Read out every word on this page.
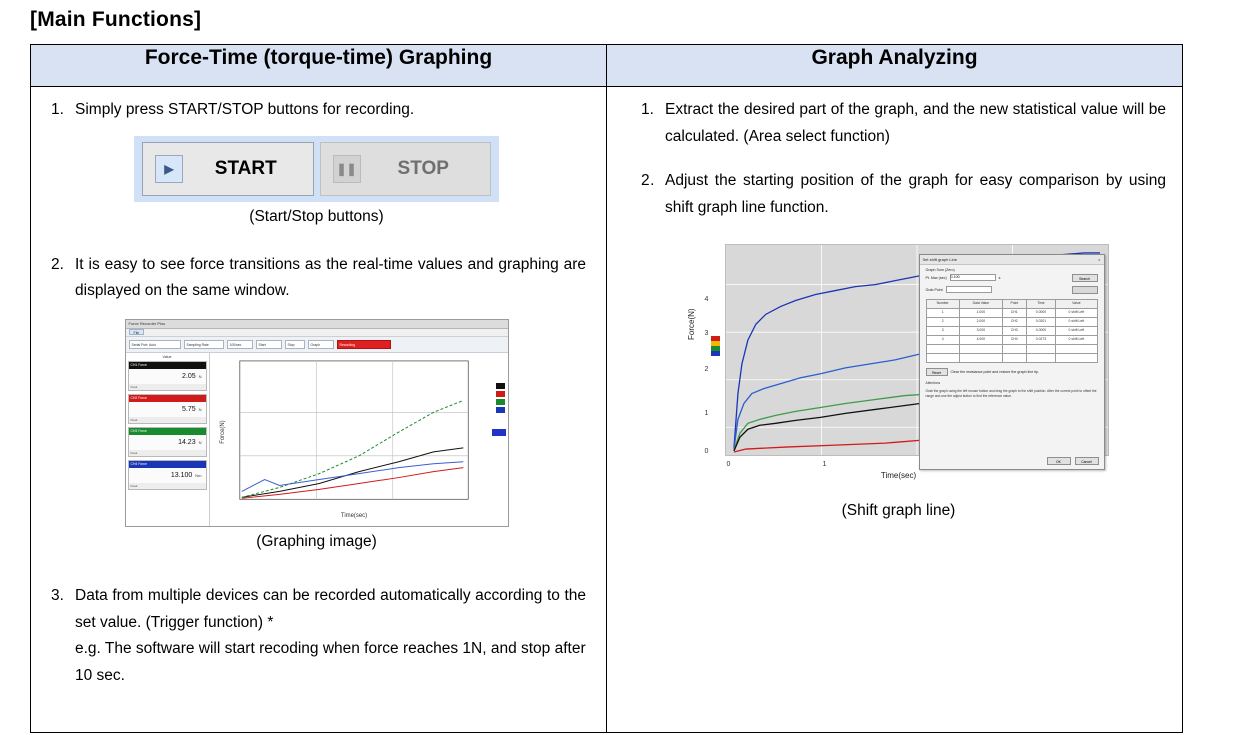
[Main Functions]
Force-Time (torque-time) Graphing	Graph Analyzing

1. Simply press START/STOP buttons for recording.
▶	START	❚❚	STOP
(Start/Stop buttons)
2. It is easy to see force transitions as the real-time values and graphing are displayed on the same window.
Force Recorder Plus
File
Serial Port: Auto	Sampling Rate	100/sec	Start	Stop	Graph	Recording
Value
CH1 Force
2.05 N
Peak
CH2 Force
5.75 N
Peak
CH3 Force
14.23 N
Peak
CH4 Force
13.100 Nm
Peak
Time(sec)
Force(N)
(Graphing image)
3. Data from multiple devices can be recorded automatically according to the set value. (Trigger function) *
e.g. The software will start recoding when force reaches 1N, and stop after 10 sec.

1. Extract the desired part of the graph, and the new statistical value will be calculated. (Area select function)
2. Adjust the starting position of the graph for easy comparison by using shift graph line function.
4
3
2
1
0
0	1
Force(N)
Time(sec)
Set shift graph Line	×
Graph Sum (Zero)
Pt. Max (sec) 0.100	s	Search
Grab Point
Number	Data Value	Point	Time	Value
1	1.000	CH1	0.0000	0 shift Left
2	2.000	CH2	0.0201	0 shift Left
3	3.000	CH3	0.0000	0 shift Left
4	4.000	CH4	0.0273	0 shift Left

Reset	Clear the resistance point and restore the graph line tip.
Attentions
Grab the graph using the left mouse button and drag the graph to the shift position. After the correct point to offset the range and use the adjust button to find the reference value.
OK	Cancel
(Shift graph line)
